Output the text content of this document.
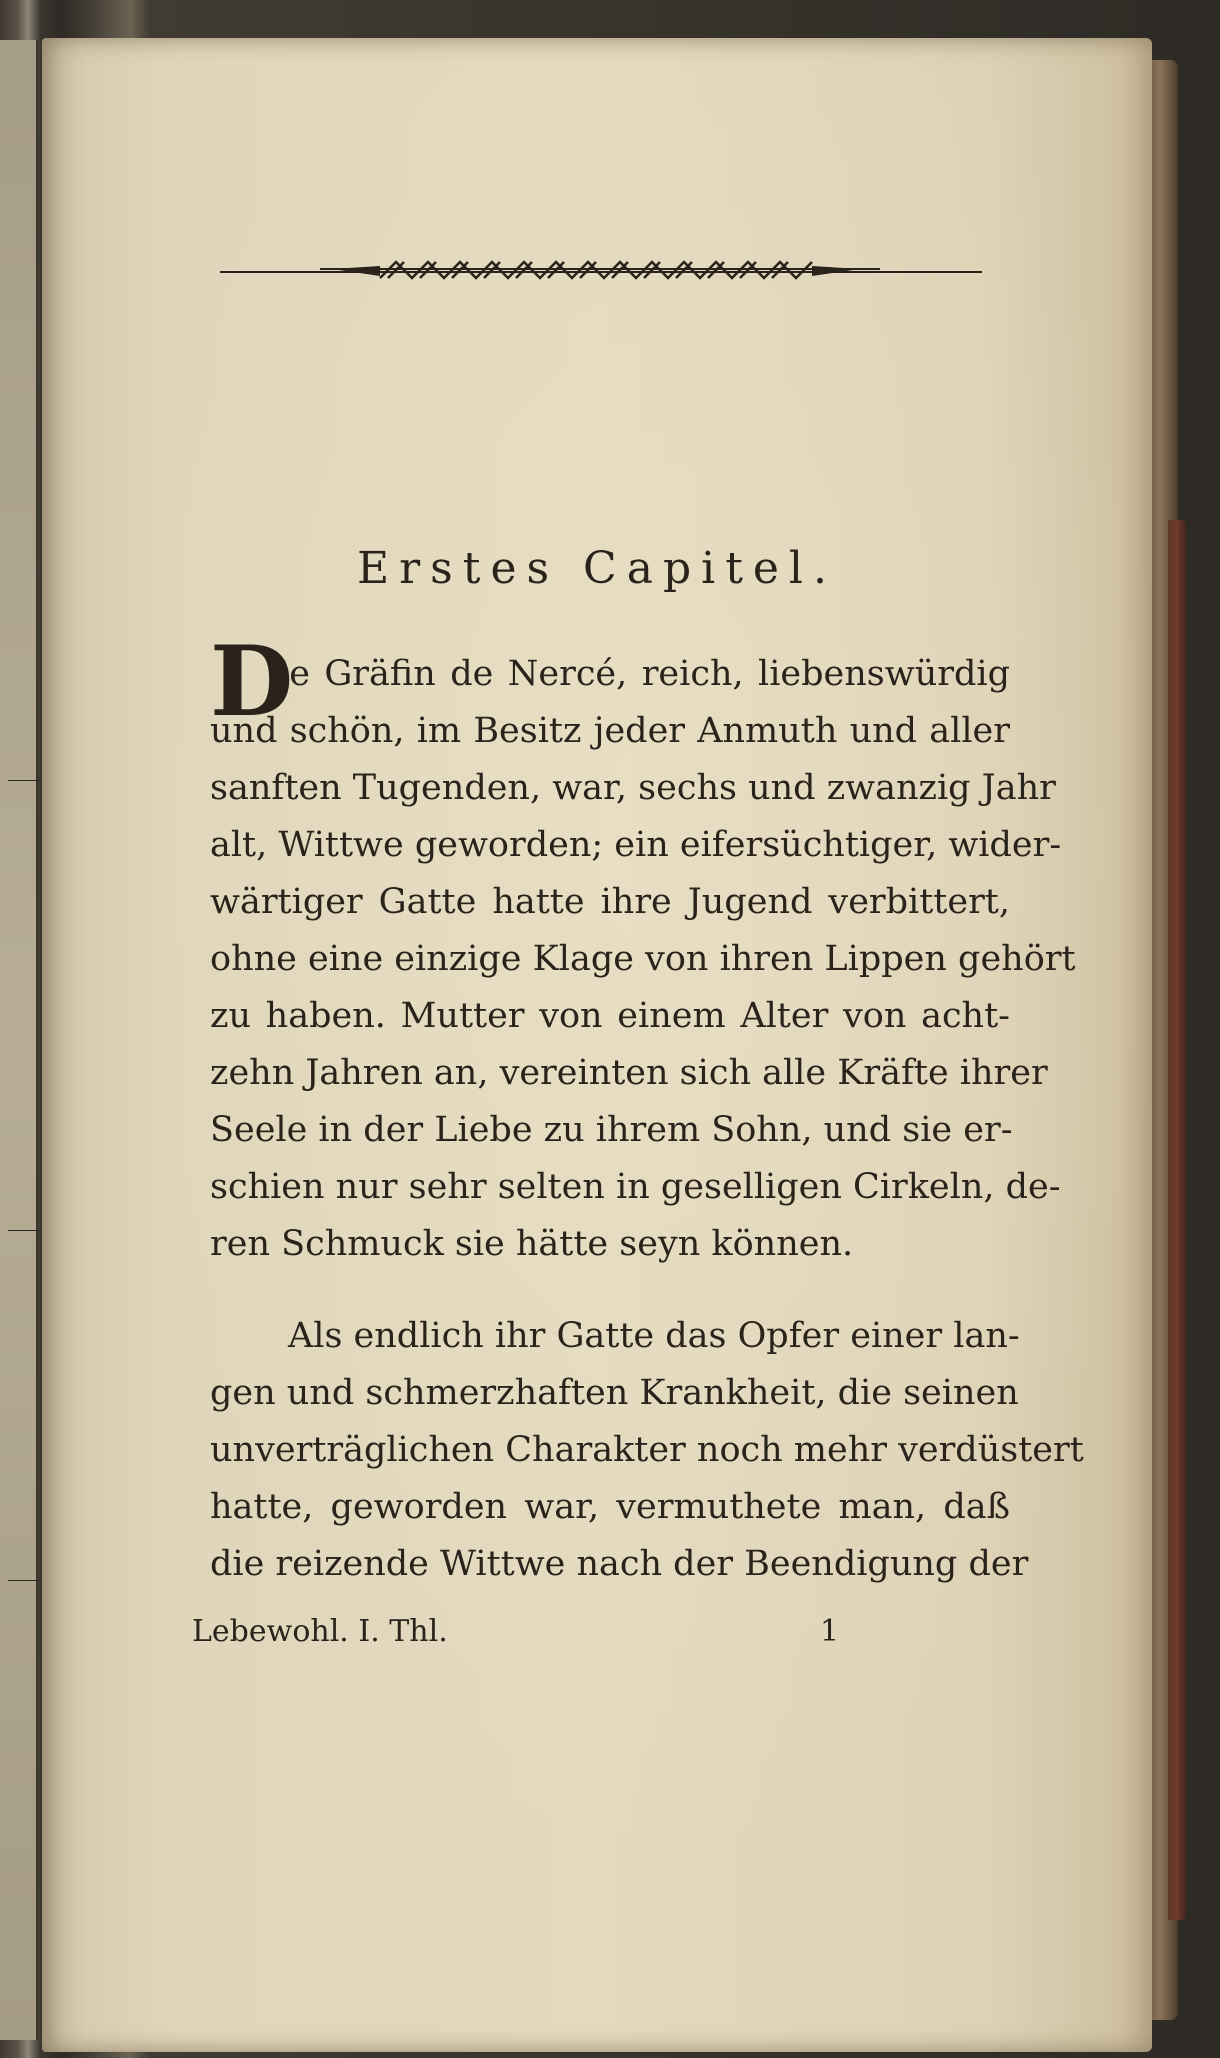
Erstes Capitel.
D
ie Gräfin de Nercé, reich, liebenswürdig
und schön, im Besitz jeder Anmuth und aller
sanften Tugenden, war, sechs und zwanzig Jahr
alt, Wittwe geworden; ein eifersüchtiger, wider-
wärtiger Gatte hatte ihre Jugend verbittert,
ohne eine einzige Klage von ihren Lippen gehört
zu haben. Mutter von einem Alter von acht-
zehn Jahren an, vereinten sich alle Kräfte ihrer
Seele in der Liebe zu ihrem Sohn, und sie er-
schien nur sehr selten in geselligen Cirkeln, de-
ren Schmuck sie hätte seyn können.
Als endlich ihr Gatte das Opfer einer lan-
gen und schmerzhaften Krankheit, die seinen
unverträglichen Charakter noch mehr verdüstert
hatte, geworden war, vermuthete man, daß
die reizende Wittwe nach der Beendigung der
Lebewohl. I. Thl.	1
